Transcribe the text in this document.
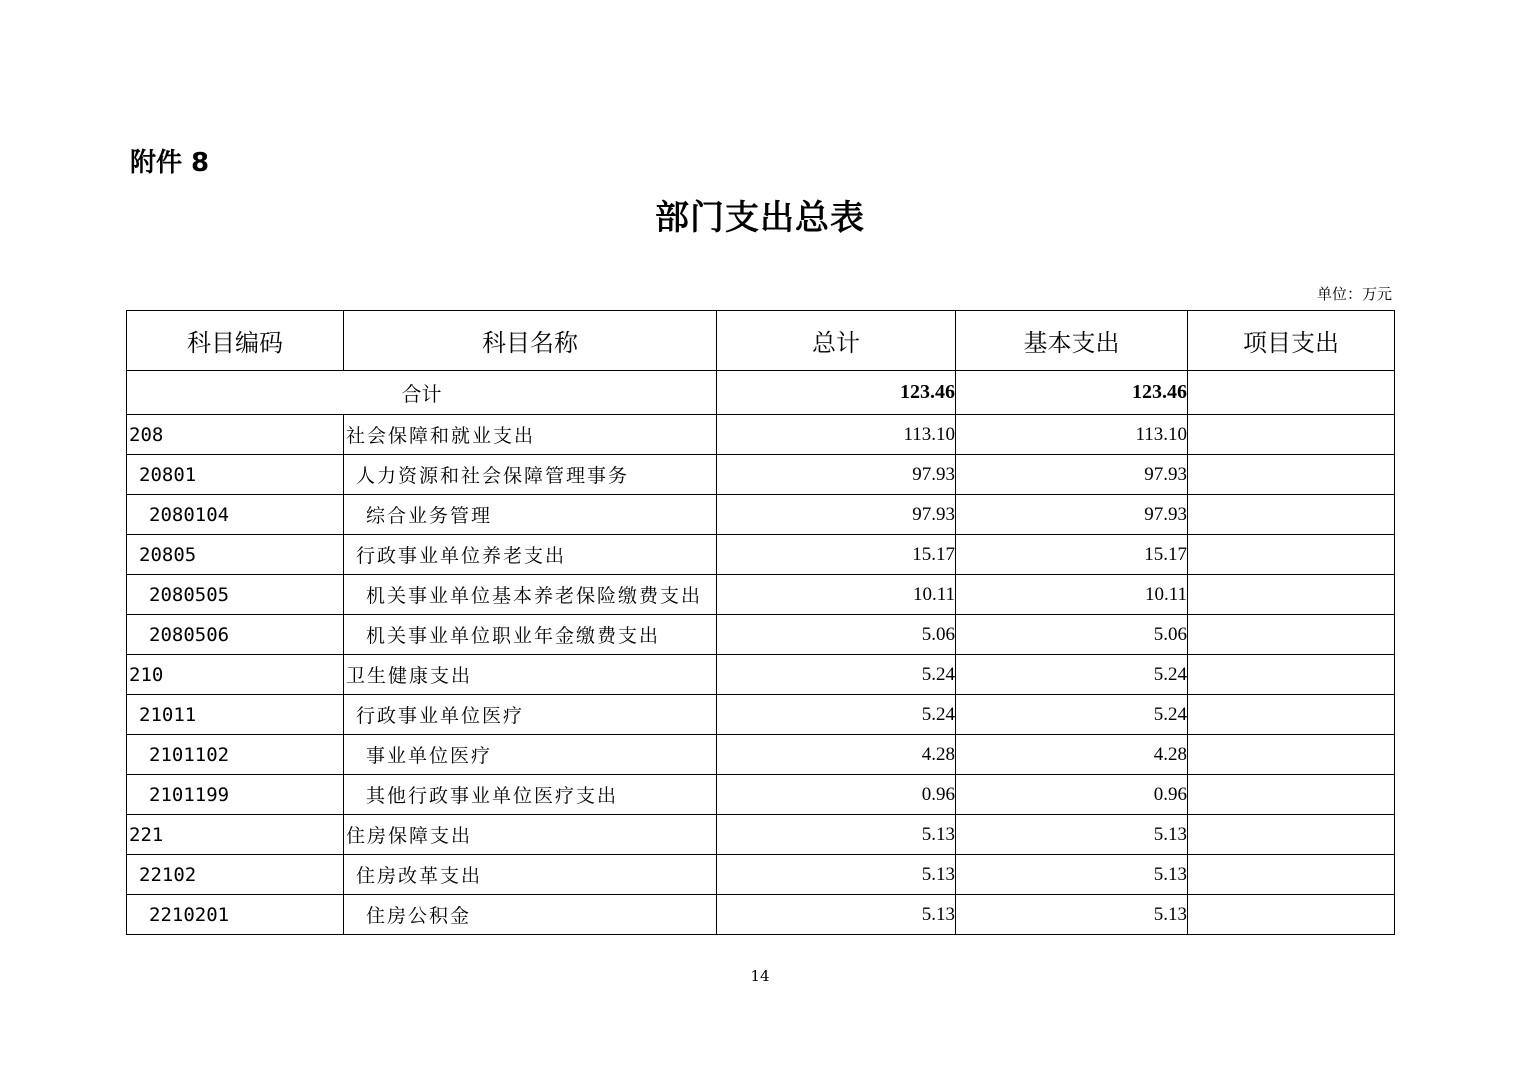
附件 8
部门支出总表
单位：万元
科目编码	科目名称	总计	基本支出	项目支出
合计		123.46	123.46	
208	社会保障和就业支出	113.10	113.10	
20801	人力资源和社会保障管理事务	97.93	97.93	
2080104	综合业务管理	97.93	97.93	
20805	行政事业单位养老支出	15.17	15.17	
2080505	机关事业单位基本养老保险缴费支出	10.11	10.11	
2080506	机关事业单位职业年金缴费支出	5.06	5.06	
210	卫生健康支出	5.24	5.24	
21011	行政事业单位医疗	5.24	5.24	
2101102	事业单位医疗	4.28	4.28	
2101199	其他行政事业单位医疗支出	0.96	0.96	
221	住房保障支出	5.13	5.13	
22102	住房改革支出	5.13	5.13	
2210201	住房公积金	5.13	5.13	
14
